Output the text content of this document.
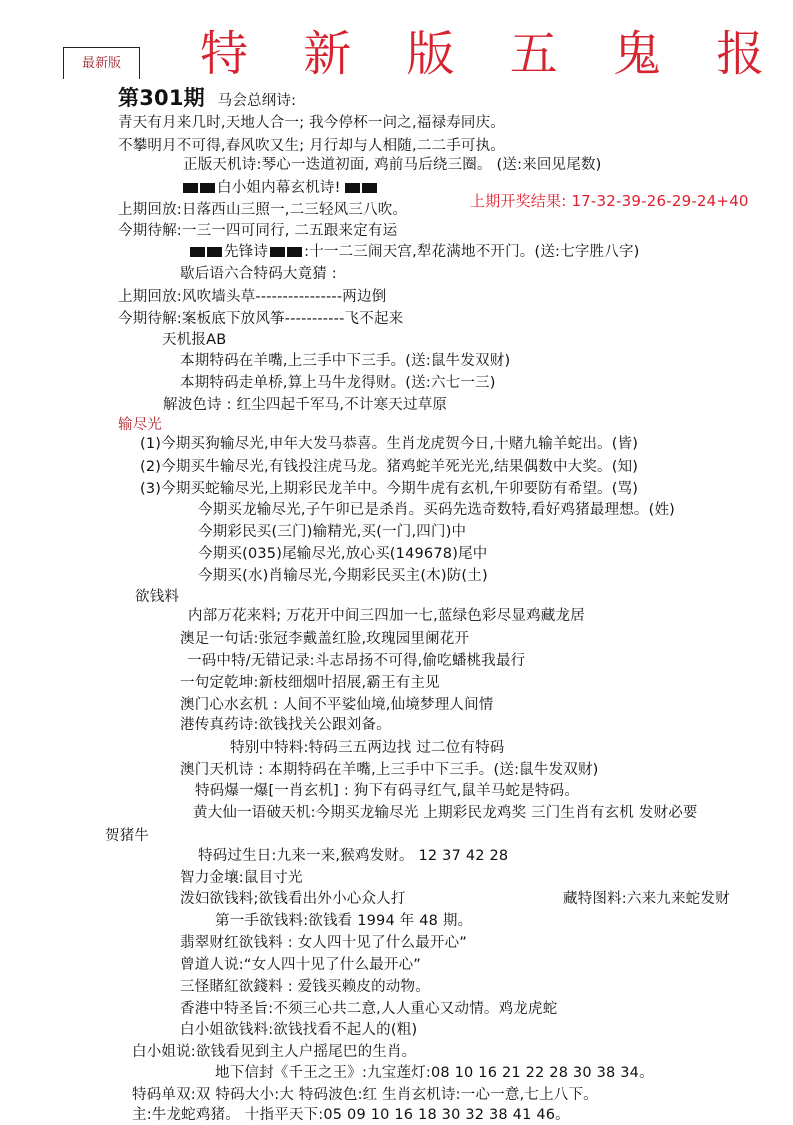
最新版 特 新 版 五 鬼 报
第301期 马会总纲诗:
青天有月来几时,天地人合一; 我今停杯一问之,福禄寿同庆。
不攀明月不可得,春风吹又生; 月行却与人相随,二二手可执。
正版天机诗:琴心一迭道初面, 鸡前马后绕三圈。 (送:来回见尾数)
白小姐内幕玄机诗!
上期回放:日落西山三照一,二三轻风三八吹。	上期开奖结果: 17-32-39-26-29-24+40
今期待解:一三一四可同行, 二五跟来定有运
先锋诗 :十一二三闹天宫,犁花满地不开门。(送:七字胜八字)
歇后语六合特码大竟猜 :
上期回放:风吹墙头草----------------两边倒
今期待解:案板底下放风筝-----------飞不起来
天机报AB
本期特码在羊嘴,上三手中下三手。(送:鼠牛发双财)
本期特码走单桥,算上马牛龙得财。(送:六七一三)
解波色诗 : 红尘四起千军马,不计寒天过草原
输尽光
(1)今期买狗输尽光,申年大发马恭喜。生肖龙虎贺今日,十赌九输羊蛇出。(皆)
(2)今期买牛输尽光,有钱投注虎马龙。猪鸡蛇羊死光光,结果偶数中大奖。(知)
(3)今期买蛇输尽光,上期彩民龙羊中。今期牛虎有玄机,午卯要防有希望。(骂)
今期买龙输尽光,子午卯已是杀肖。买码先选奇数特,看好鸡猪最理想。(姓)
今期彩民买(三门)输精光,买(一门,四门)中
今期买(035)尾输尽光,放心买(149678)尾中
今期买(水)肖输尽光,今期彩民买主(木)防(土)
欲钱料
内部万花来料; 万花开中间三四加一七,蓝绿色彩尽显鸡藏龙居
澳足一句话:张冠李戴盖红脸,玫瑰园里阑花开
一码中特/无错记录:斗志昂扬不可得,偷吃蟠桃我最行
一句定乾坤:新枝细烟叶招展,霸王有主见
澳门心水玄机 : 人间不平娑仙境,仙境梦理人间情
港传真药诗:欲钱找关公跟刘备。
特别中特料:特码三五两边找 过二位有特码
澳门天机诗 : 本期特码在羊嘴,上三手中下三手。(送:鼠牛发双财)
特码爆一爆[一肖玄机] : 狗下有码寻红气,鼠羊马蛇是特码。
黄大仙一语破天机:今期买龙输尽光 上期彩民龙鸡奖 三门生肖有玄机 发财必要
贺猪牛
特码过生日:九来一来,猴鸡发财。 12 37 42 28
智力金壤:鼠目寸光
泼妇欲钱料;欲钱看出外小心众人打	藏特图料:六来九来蛇发财
第一手欲钱料:欲钱看 1994 年 48 期。
翡翠财红欲钱料 : 女人四十见了什么最开心”
曾道人说:“女人四十见了什么最开心”
三怪賭紅欲錢料 : 爱钱买赖皮的动物。
香港中特圣旨:不须三心共二意,人人重心又动情。鸡龙虎蛇
白小姐欲钱料:欲钱找看不起人的(粗)
白小姐说:欲钱看见到主人户摇尾巴的生肖。
地下信封《千王之王》:九宝莲灯:08 10 16 21 22 28 30 38 34。
特码单双:双 特码大小:大 特码波色:红 生肖玄机诗:一心一意,七上八下。
主:牛龙蛇鸡猪。 十指平天下:05 09 10 16 18 30 32 38 41 46。
